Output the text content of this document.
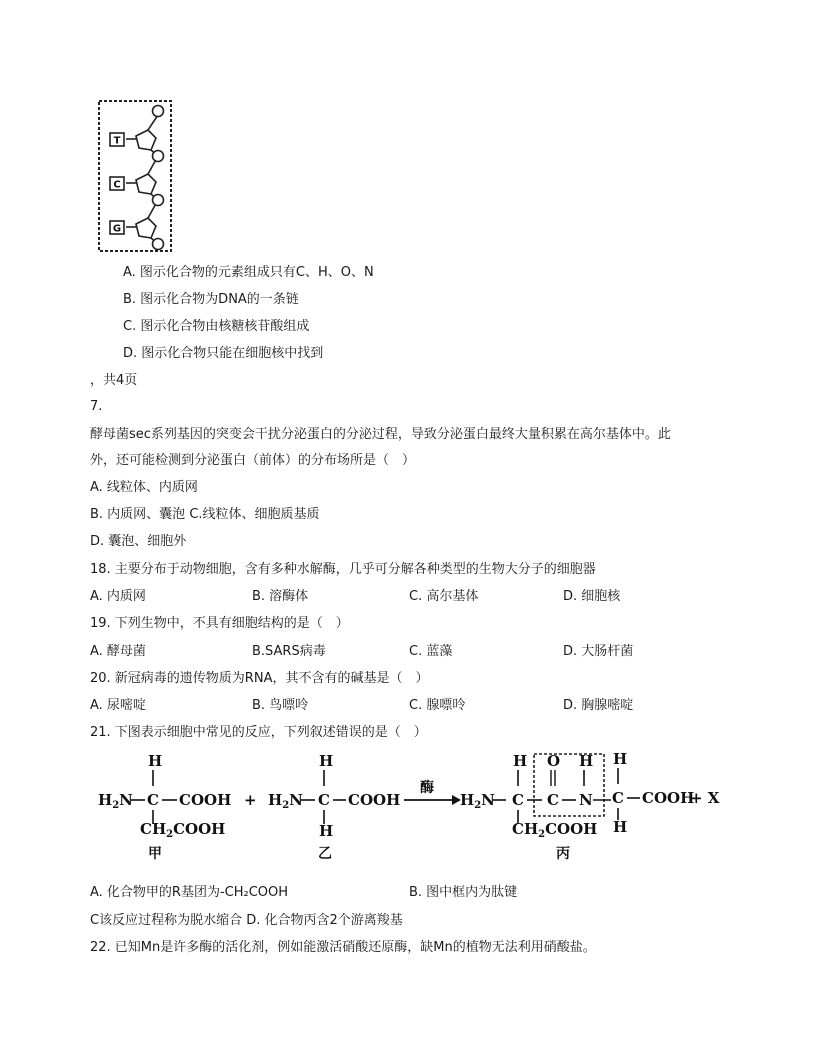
T
C
G
A. 图示化合物的元素组成只有C、H、O、N
B. 图示化合物为DNA的一条链
C. 图示化合物由核糖核苷酸组成
D. 图示化合物只能在细胞核中找到
，共4页
7.
酵母菌sec系列基因的突变会干扰分泌蛋白的分泌过程，导致分泌蛋白最终大量积累在高尔基体中。此
外，还可能检测到分泌蛋白（前体）的分布场所是（　）
A. 线粒体、内质网
B. 内质网、囊泡 C.线粒体、细胞质基质
D. 囊泡、细胞外
18. 主要分布于动物细胞，含有多种水解酶，几乎可分解各种类型的生物大分子的细胞器
A. 内质网	B. 溶酶体	C. 高尔基体	D. 细胞核
19. 下列生物中，不具有细胞结构的是（　）
A. 酵母菌	B.SARS病毒	C. 蓝藻	D. 大肠杆菌
20. 新冠病毒的遗传物质为RNA，其不含有的碱基是（　）
A. 尿嘧啶	B. 鸟嘌呤	C. 腺嘌呤	D. 胸腺嘧啶
21. 下图表示细胞中常见的反应，下列叙述错误的是（　）
H
$H_2N$ C COOH
$CH_2COOH$
甲
+
H
$H_2N$ C COOH
H
乙
酶
$H_2N$
H
C
$CH_2COOH$
丙
O
C
H
N
H
C COOH
H
+ X
A. 化合物甲的R基团为-CH₂COOH	B. 图中框内为肽键
C该反应过程称为脱水缩合 D. 化合物丙含2个游离羧基
22. 已知Mn是许多酶的活化剂，例如能激活硝酸还原酶，缺Mn的植物无法利用硝酸盐。
